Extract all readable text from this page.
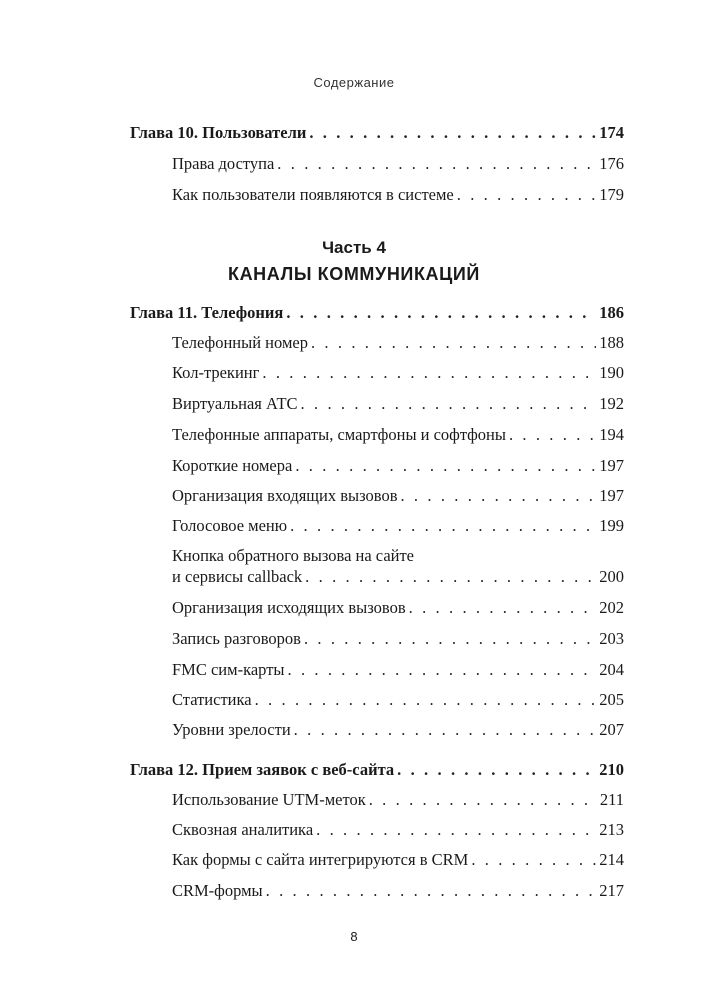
Содержание
Глава 10. Пользователи . . .	174
Права доступа . . .	176
Как пользователи появляются в системе . . .	179
Часть 4
КАНАЛЫ КОММУНИКАЦИЙ
Глава 11. Телефония . . .	186
Телефонный номер . . .	188
Кол-трекинг . . .	190
Виртуальная АТС . . .	192
Телефонные аппараты, смартфоны и софтфоны . . .	194
Короткие номера . . .	197
Организация входящих вызовов . . .	197
Голосовое меню . . .	199
Кнопка обратного вызова на сайте
и сервисы callback . . .	200
Организация исходящих вызовов . . .	202
Запись разговоров . . .	203
FMC сим-карты . . .	204
Статистика . . .	205
Уровни зрелости . . .	207
Глава 12. Прием заявок с веб-сайта . . .	210
Использование UTM-меток . . .	211
Сквозная аналитика . . .	213
Как формы с сайта интегрируются в CRM . . .	214
CRM-формы . . .	217
8
